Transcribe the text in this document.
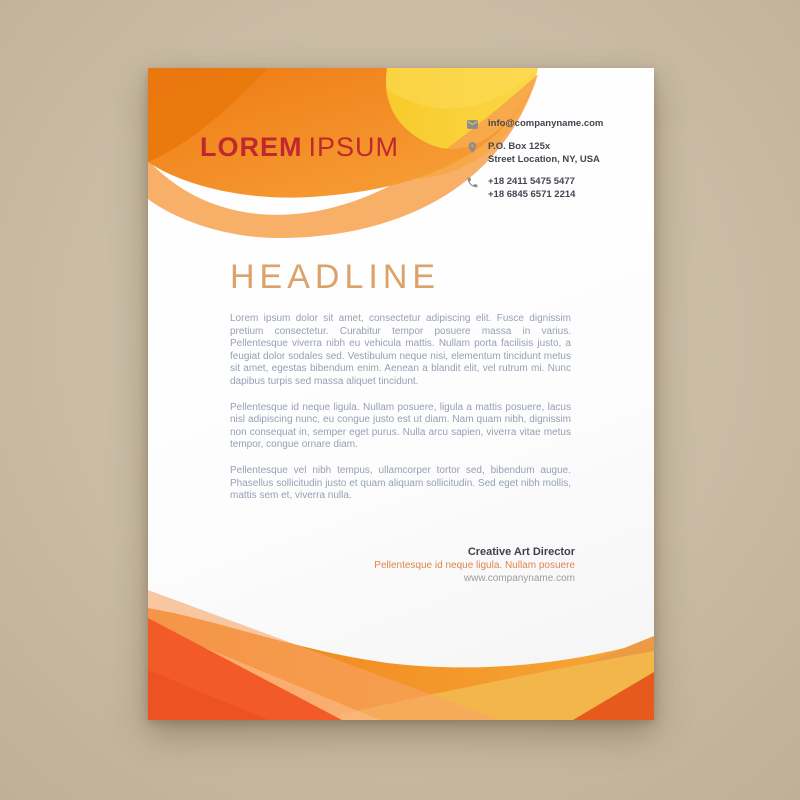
LOREM IPSUM
info@companyname.com
P.O. Box 125x
Street Location, NY, USA
+18 2411 5475 5477
+18 6845 6571 2214
HEADLINE

Lorem ipsum dolor sit amet, consectetur adipiscing elit. Fusce dignissim pretium consectetur. Curabitur tempor posuere massa in varius. Pellentesque viverra nibh eu vehicula mattis. Nullam porta facilisis justo, a feugiat dolor sodales sed. Vestibulum neque nisi, elementum tincidunt metus sit amet, egestas bibendum enim. Aenean a blandit elit, vel rutrum mi. Nunc dapibus turpis sed massa aliquet tincidunt.

Pellentesque id neque ligula. Nullam posuere, ligula a mattis posuere, lacus nisl adipiscing nunc, eu congue justo est ut diam. Nam quam nibh, dignissim non consequat in, semper eget purus. Nulla arcu sapien, viverra vitae metus tempor, congue ornare diam.

Pellentesque vel nibh tempus, ullamcorper tortor sed, bibendum augue. Phasellus sollicitudin justo et quam aliquam sollicitudin. Sed eget nibh mollis, mattis sem et, viverra nulla.

Creative Art Director
Pellentesque id neque ligula. Nullam posuere
www.companyname.com
